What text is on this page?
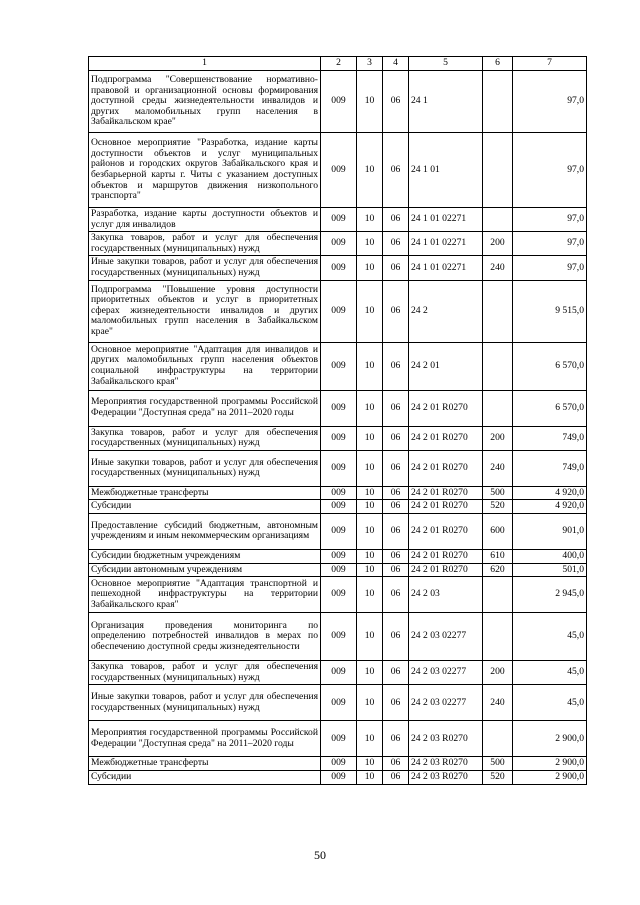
1	2	3	4	5	6	7
Подпрограмма "Совершенствование нормативно-правовой и организационной основы формирования доступной среды жизнедеятельности инвалидов и других маломобильных групп населения в Забайкальском крае"	009	10	06	24 1		97,0
Основное мероприятие "Разработка, издание карты доступности объектов и услуг муниципальных районов и городских округов Забайкальского края и безбарьерной карты г. Читы с указанием доступных объектов и маршрутов движения низкопольного транспорта"	009	10	06	24 1 01		97,0
Разработка, издание карты доступности объектов и услуг для инвалидов	009	10	06	24 1 01 02271		97,0
Закупка товаров, работ и услуг для обеспечения государственных (муниципальных) нужд	009	10	06	24 1 01 02271	200	97,0
Иные закупки товаров, работ и услуг для обеспечения государственных (муниципальных) нужд	009	10	06	24 1 01 02271	240	97,0
Подпрограмма "Повышение уровня доступности приоритетных объектов и услуг в приоритетных сферах жизнедеятельности инвалидов и других маломобильных групп населения в Забайкальском крае"	009	10	06	24 2		9 515,0
Основное мероприятие "Адаптация для инвалидов и других маломобильных групп населения объектов социальной инфраструктуры на территории Забайкальского края"	009	10	06	24 2 01		6 570,0
Мероприятия государственной программы Российской Федерации "Доступная среда" на 2011–2020 годы	009	10	06	24 2 01 R0270		6 570,0
Закупка товаров, работ и услуг для обеспечения государственных (муниципальных) нужд	009	10	06	24 2 01 R0270	200	749,0
Иные закупки товаров, работ и услуг для обеспечения государственных (муниципальных) нужд	009	10	06	24 2 01 R0270	240	749,0
Межбюджетные трансферты	009	10	06	24 2 01 R0270	500	4 920,0
Субсидии	009	10	06	24 2 01 R0270	520	4 920,0
Предоставление субсидий бюджетным, автономным учреждениям и иным некоммерческим организациям	009	10	06	24 2 01 R0270	600	901,0
Субсидии бюджетным учреждениям	009	10	06	24 2 01 R0270	610	400,0
Субсидии автономным учреждениям	009	10	06	24 2 01 R0270	620	501,0
Основное мероприятие "Адаптация транспортной и пешеходной инфраструктуры на территории Забайкальского края"	009	10	06	24 2 03		2 945,0
Организация проведения мониторинга по определению потребностей инвалидов в мерах по обеспечению доступной среды жизнедеятельности	009	10	06	24 2 03 02277		45,0
Закупка товаров, работ и услуг для обеспечения государственных (муниципальных) нужд	009	10	06	24 2 03 02277	200	45,0
Иные закупки товаров, работ и услуг для обеспечения государственных (муниципальных) нужд	009	10	06	24 2 03 02277	240	45,0
Мероприятия государственной программы Российской Федерации "Доступная среда" на 2011–2020 годы	009	10	06	24 2 03 R0270		2 900,0
Межбюджетные трансферты	009	10	06	24 2 03 R0270	500	2 900,0
Субсидии	009	10	06	24 2 03 R0270	520	2 900,0
50
